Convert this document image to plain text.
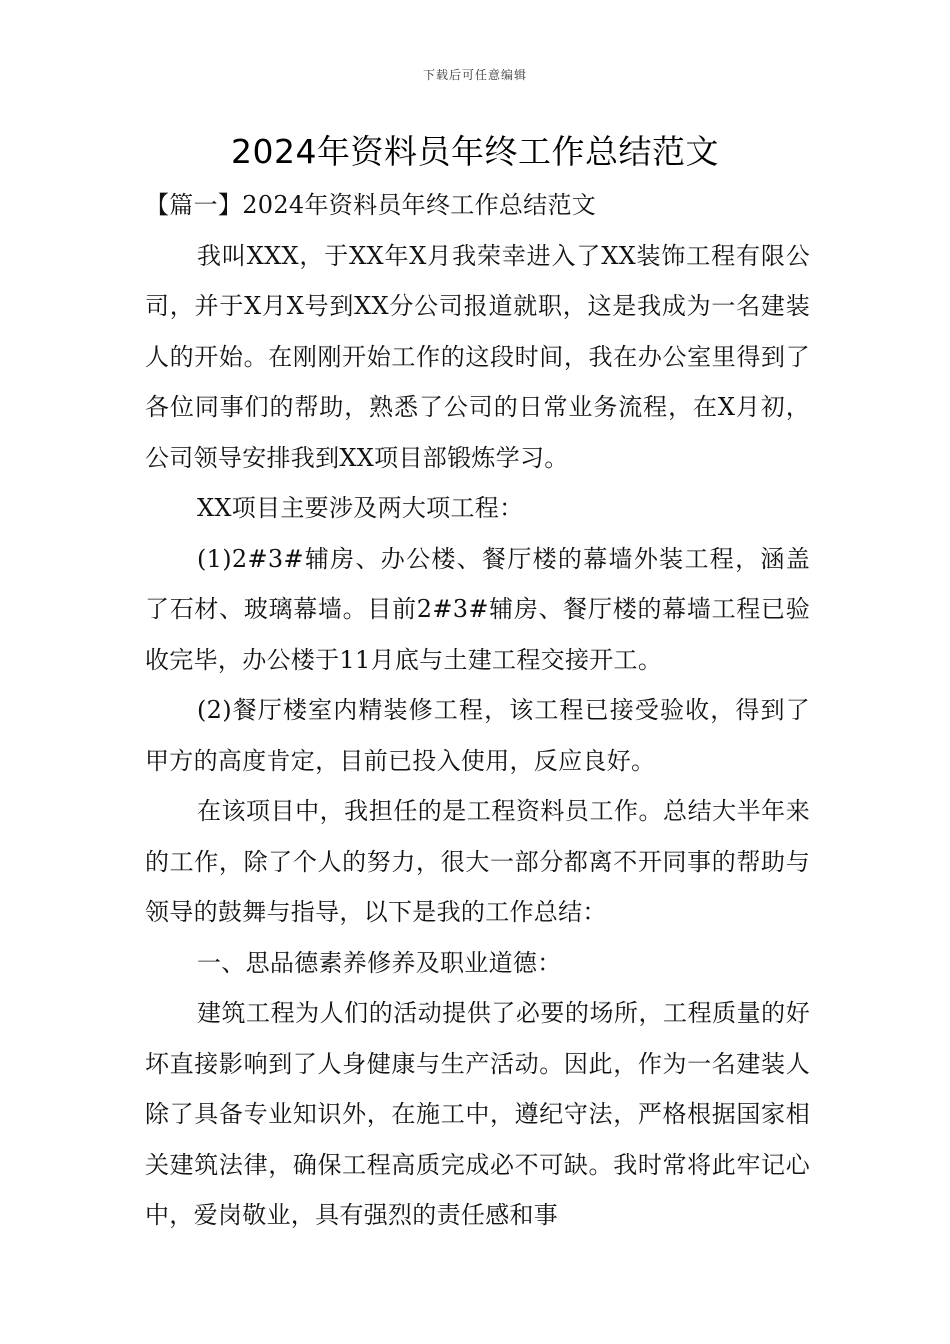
下载后可任意编辑
2024年资料员年终工作总结范文

【篇一】2024年资料员年终工作总结范文

我叫XXX，于XX年X月我荣幸进入了XX装饰工程有限公司，并于X月X号到XX分公司报道就职，这是我成为一名建装人的开始。在刚刚开始工作的这段时间，我在办公室里得到了各位同事们的帮助，熟悉了公司的日常业务流程，在X月初，公司领导安排我到XX项目部锻炼学习。

XX项目主要涉及两大项工程：

(1)2#3#辅房、办公楼、餐厅楼的幕墙外装工程，涵盖了石材、玻璃幕墙。目前2#3#辅房、餐厅楼的幕墙工程已验收完毕，办公楼于11月底与土建工程交接开工。

(2)餐厅楼室内精装修工程，该工程已接受验收，得到了甲方的高度肯定，目前已投入使用，反应良好。

在该项目中，我担任的是工程资料员工作。总结大半年来的工作，除了个人的努力，很大一部分都离不开同事的帮助与领导的鼓舞与指导，以下是我的工作总结：

一、思品德素养修养及职业道德：

建筑工程为人们的活动提供了必要的场所，工程质量的好坏直接影响到了人身健康与生产活动。因此，作为一名建装人除了具备专业知识外，在施工中，遵纪守法，严格根据国家相关建筑法律，确保工程高质完成必不可缺。我时常将此牢记心中，爱岗敬业，具有强烈的责任感和事
